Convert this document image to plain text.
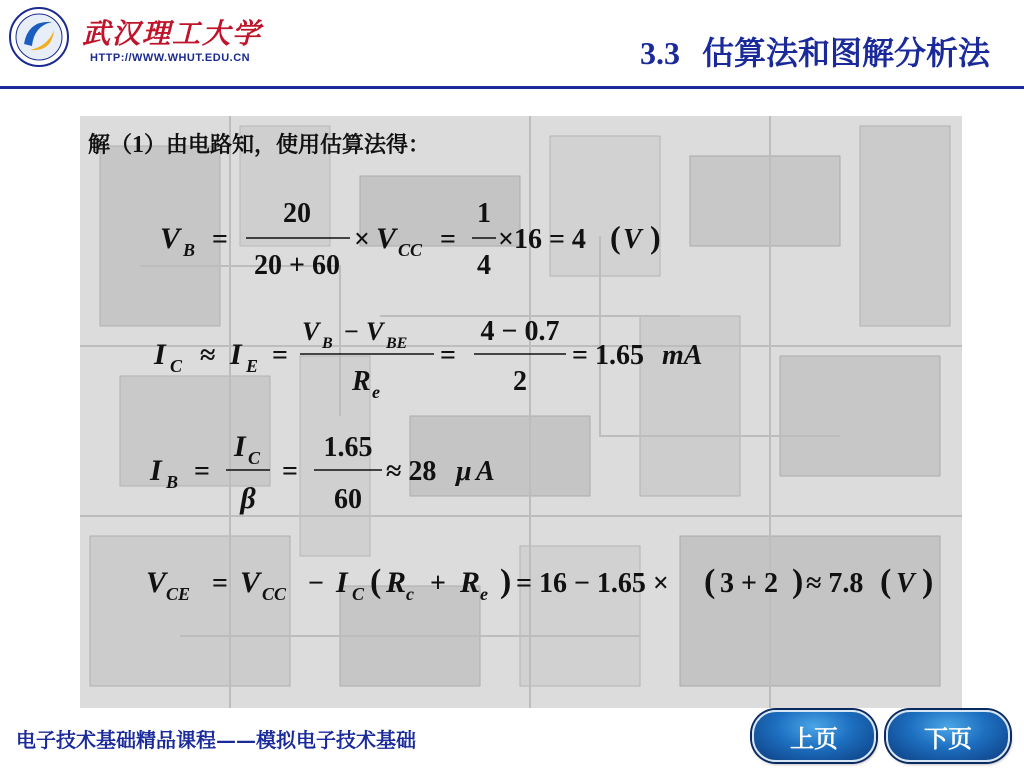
武汉理工大学
HTTP://WWW.WHUT.EDU.CN	3.3 估算法和图解分析法
解（1）由电路知，使用估算法得：
V B =
20
20 + 60
× V CC =
1
4
×16 = 4 ( V )
I C ≈ I E =
V B − V BE
R e
=
4 − 0.7
2
= 1.65 mA
I B =
I C
β
=
1.65
60
≈ 28 μ A
V CE = V CC − I C ( R c + R e ) = 16 − 1.65 × ( 3 + 2 ) ≈ 7.8 ( V )
电子技术基础精品课程——模拟电子技术基础	上页	下页
